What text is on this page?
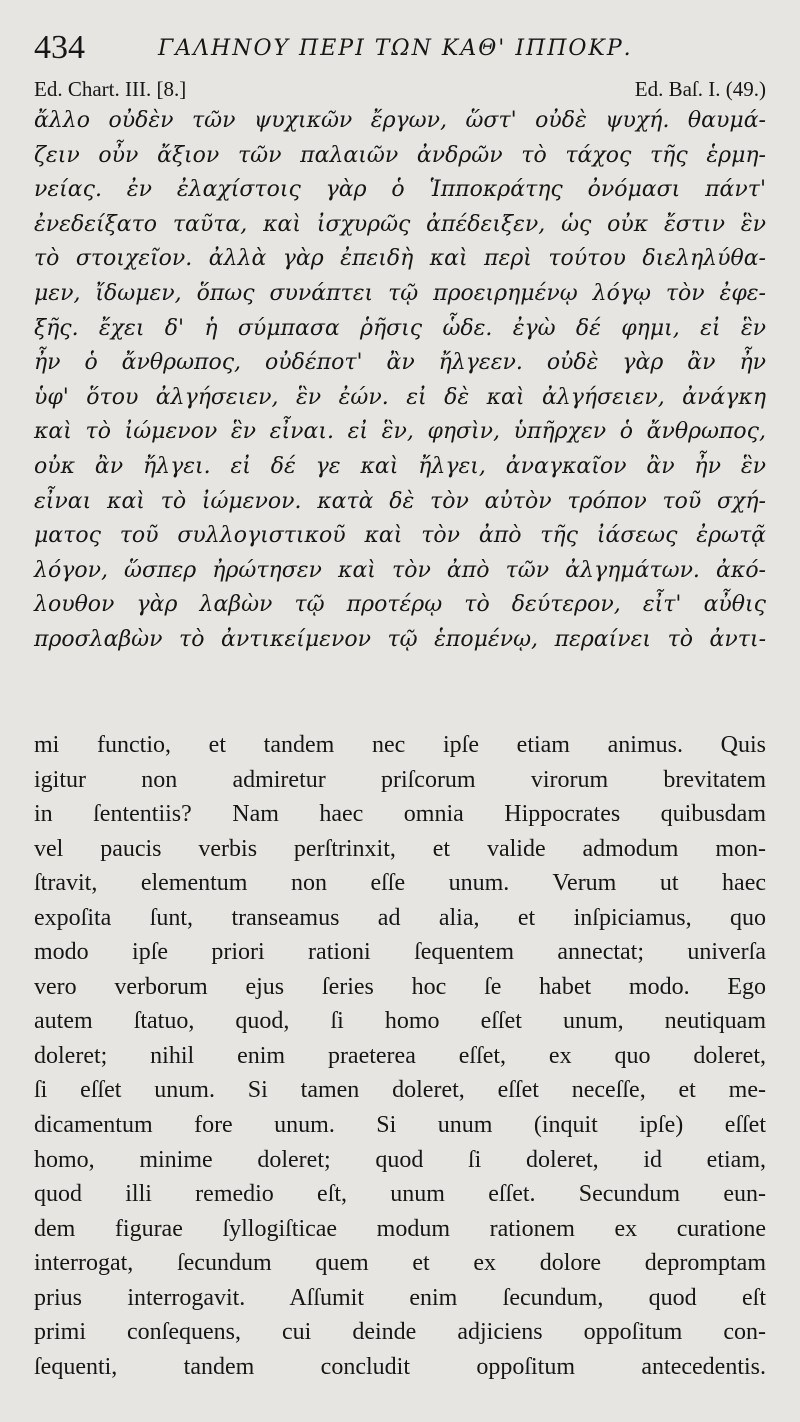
434	ΓΑΛΗΝΟΥ ΠΕΡΙ ΤΩΝ ΚΑΘ' ΙΠΠΟΚΡ.
Ed. Chart. III. [8.]	Ed. Baſ. I. (49.)
ἄλλο οὐδὲν τῶν ψυχικῶν ἔργων, ὥστ' οὐδὲ ψυχή. θαυμά-
ζειν οὖν ἄξιον τῶν παλαιῶν ἀνδρῶν τὸ τάχος τῆς ἑρμη-
νείας. ἐν ἐλαχίστοις γὰρ ὁ Ἱπποκράτης ὀνόμασι πάντ'
ἐνεδείξατο ταῦτα, καὶ ἰσχυρῶς ἀπέδειξεν, ὡς οὐκ ἔστιν ἓν
τὸ στοιχεῖον. ἀλλὰ γὰρ ἐπειδὴ καὶ περὶ τούτου διεληλύθα-
μεν, ἴδωμεν, ὅπως συνάπτει τῷ προειρημένῳ λόγῳ τὸν ἐφε-
ξῆς. ἔχει δ' ἡ σύμπασα ῥῆσις ὧδε. ἐγὼ δέ φημι, εἰ ἓν
ἦν ὁ ἄνθρωπος, οὐδέποτ' ἂν ἤλγεεν. οὐδὲ γὰρ ἂν ἦν
ὑφ' ὅτου ἀλγήσειεν, ἓν ἐών. εἰ δὲ καὶ ἀλγήσειεν, ἀνάγκη
καὶ τὸ ἰώμενον ἓν εἶναι. εἰ ἓν, φησὶν, ὑπῆρχεν ὁ ἄνθρωπος,
οὐκ ἂν ἤλγει. εἰ δέ γε καὶ ἤλγει, ἀναγκαῖον ἂν ἦν ἓν
εἶναι καὶ τὸ ἰώμενον. κατὰ δὲ τὸν αὐτὸν τρόπον τοῦ σχή-
ματος τοῦ συλλογιστικοῦ καὶ τὸν ἀπὸ τῆς ἰάσεως ἐρωτᾷ
λόγον, ὥσπερ ἠρώτησεν καὶ τὸν ἀπὸ τῶν ἀλγημάτων. ἀκό-
λουθον γὰρ λαβὼν τῷ προτέρῳ τὸ δεύτερον, εἶτ' αὖθις
προσλαβὼν τὸ ἀντικείμενον τῷ ἑπομένῳ, περαίνει τὸ ἀντι-

mi functio, et tandem nec ipſe etiam animus. Quis
igitur non admiretur priſcorum virorum brevitatem
in ſententiis? Nam haec omnia Hippocrates quibusdam
vel paucis verbis perſtrinxit, et valide admodum mon-
ſtravit, elementum non eſſe unum. Verum ut haec
expoſita ſunt, transeamus ad alia, et inſpiciamus, quo
modo ipſe priori rationi ſequentem annectat; univerſa
vero verborum ejus ſeries hoc ſe habet modo. Ego
autem ſtatuo, quod, ſi homo eſſet unum, neutiquam
doleret; nihil enim praeterea eſſet, ex quo doleret,
ſi eſſet unum. Si tamen doleret, eſſet neceſſe, et me-
dicamentum fore unum. Si unum (inquit ipſe) eſſet
homo, minime doleret; quod ſi doleret, id etiam,
quod illi remedio eſt, unum eſſet. Secundum eun-
dem figurae ſyllogiſticae modum rationem ex curatione
interrogat, ſecundum quem et ex dolore depromptam
prius interrogavit. Aſſumit enim ſecundum, quod eſt
primi conſequens, cui deinde adjiciens oppoſitum con-
ſequenti, tandem concludit oppoſitum antecedentis.
